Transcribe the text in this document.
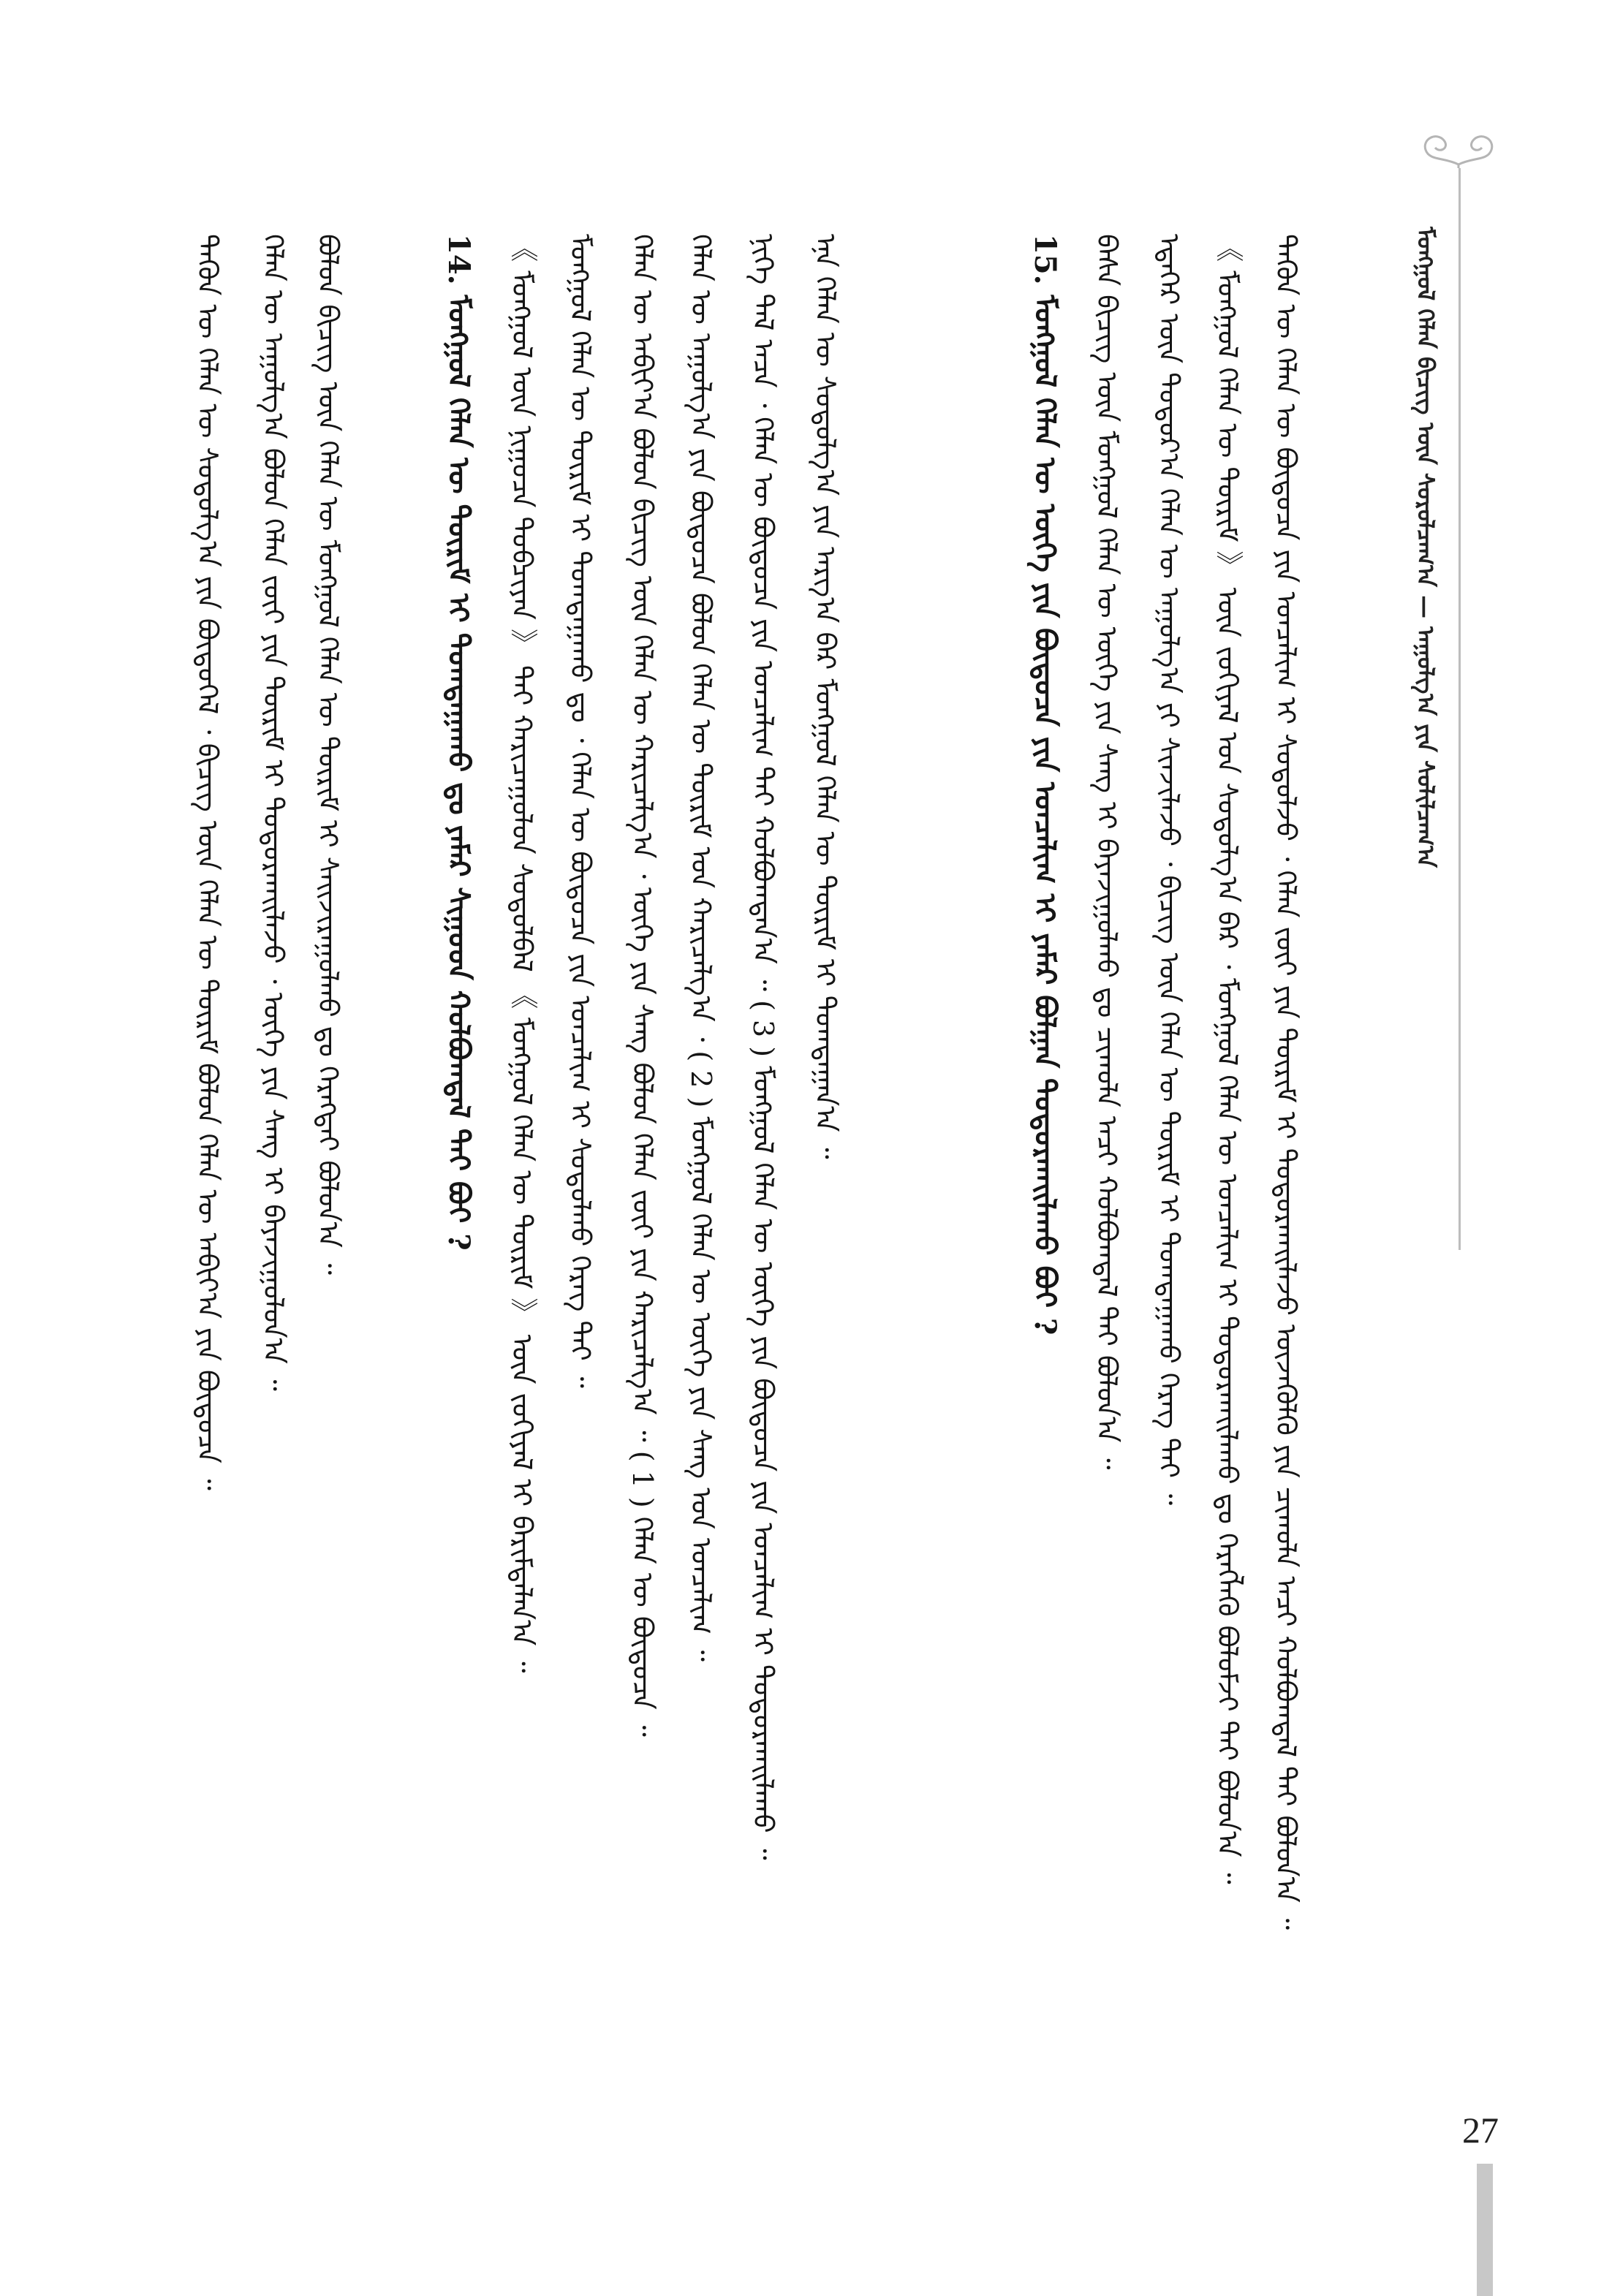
ᠮᠣᠩᠭᠣᠯ ᠬᠡᠯᠡᠨ ᠪᠢᠴᠢᠭ ᠦᠨ ᠰᠤᠷᠤᠯᠴᠠᠭ᠎ᠠ — ᠠᠭᠤᠯᠭ᠎ᠠ ᠶᠢᠨ ᠰᠣᠯᠢᠯᠴᠠᠭ᠎ᠠ
ᠲᠡᠭᠦᠨ ᠦ ᠬᠡᠯᠡᠨ ᠦ ᠰᠤᠳᠤᠯᠭ᠎ᠠ ᠶᠢᠨ ᠪᠦᠲᠦᠭᠡᠯ ᠂ ᠪᠢᠴᠢᠭ ᠦᠨ ᠬᠡᠯᠡᠨ ᠦ ᠳᠦᠷᠢᠮ ᠪᠣᠯᠤᠨ ᠬᠡᠯᠡᠨ ᠦ ᠠᠪᠢᠶ᠎ᠠ ᠶᠢᠨ ᠪᠦᠲᠦᠴᠡ ᠃ ᠬᠡᠯᠡᠨ ᠦ ᠠᠭᠤᠯᠭ᠎ᠠ ᠪᠣᠯᠤᠨ ᠬᠡᠯᠡᠨ ᠵᠦᠢ ᠶᠢᠨ ᠳᠦᠷᠢᠮ ᠢ ᠲᠣᠳᠤᠷᠬᠠᠢᠯᠠᠵᠤ ᠂ ᠦᠭᠡ ᠶᠢᠨ ᠰᠠᠩ ᠢ ᠪᠠᠶᠠᠵᠢᠭᠤᠯᠤᠨ᠎ᠠ ᠃ ᠪᠣᠯᠤᠨ ᠪᠢᠴᠢᠭ ᠦᠨ ᠬᠡᠯᠡᠨ ᠦ ᠮᠣᠩᠭᠣᠯ ᠬᠡᠯᠡᠨ ᠦ ᠳᠦᠷᠢᠮ ᠢ ᠰᠠᠢᠵᠢᠷᠠᠭᠤᠯᠬᠤ ᠳᠤ ᠬᠡᠷᠡᠭᠲᠡᠢ ᠪᠣᠯᠤᠨ᠎ᠠ ᠃	14. ᠮᠣᠩᠭᠣᠯ ᠬᠡᠯᠡᠨ ᠦ ᠳᠦᠷᠢᠮ ᠢ ᠲᠣᠭᠲᠠᠭᠠᠬᠤ ᠳᠤ ᠶᠠᠮᠠᠷ ᠰᠢᠭᠤᠳ ᠬᠣᠯᠪᠣᠭᠳᠠᠯ ᠲᠠᠢ ᠪᠤᠢ ? 《 ᠮᠣᠩᠭᠣᠯ ᠦᠨ ᠨᠢᠭᠤᠴᠠ ᠲᠣᠪᠴᠢᠶᠠᠨ 》 ᠲᠠᠢ ᠬᠠᠷᠢᠴᠠᠭᠤᠯᠤᠨ ᠰᠤᠳᠤᠯᠪᠠᠯ 《 ᠮᠣᠩᠭᠣᠯ ᠬᠡᠯᠡᠨ ᠦ ᠳᠦᠷᠢᠮ 》 ᠦᠨ ᠵᠣᠬᠢᠶᠠᠯ ᠢ ᠪᠠᠷᠢᠮᠲᠠᠯᠠᠨ᠎ᠠ ᠃ ᠮᠣᠩᠭᠣᠯ ᠬᠡᠯᠡᠨ ᠦ ᠳᠦᠷᠢᠮ ᠢ ᠲᠣᠭᠲᠠᠭᠠᠬᠤ ᠳᠤ ᠂ ᠬᠡᠯᠡᠨ ᠦ ᠪᠦᠲᠦᠴᠡ ᠶᠢᠨ ᠣᠨᠴᠠᠯᠢᠭ ᠢ ᠰᠤᠳᠤᠯᠬᠤ ᠬᠡᠷᠡᠭ ᠲᠠᠢ ᠃ ᠬᠡᠯᠡᠨ ᠦ ᠠᠪᠢᠶ᠎ᠠ ᠪᠣᠯᠤᠨ ᠪᠢᠴᠢᠭ ᠦᠨ ᠬᠡᠯᠡᠨ ᠦ ᠬᠠᠷᠢᠴᠠᠯᠭ᠎ᠠ ᠂ ᠦᠭᠡ ᠶᠢᠨ ᠰᠠᠩ ᠪᠣᠯᠤᠨ ᠬᠡᠯᠡᠨ ᠵᠦᠢ ᠶᠢᠨ ᠬᠠᠷᠢᠴᠠᠯᠭ᠎ᠠ ᠃ ( 1 ) ᠬᠡᠯᠡᠨ ᠦ ᠪᠦᠲᠦᠴᠡ ᠃ ᠬᠡᠯᠡᠨ ᠦ ᠠᠭᠤᠯᠭ᠎ᠠ ᠶᠢᠨ ᠪᠦᠲᠦᠴᠡ ᠪᠣᠯᠤᠨ ᠬᠡᠯᠡᠨ ᠦ ᠳᠦᠷᠢᠮ ᠤᠨ ᠬᠠᠷᠢᠴᠠᠯᠭ᠎ᠠ ᠂ ( 2 ) ᠮᠣᠩᠭᠣᠯ ᠬᠡᠯᠡᠨ ᠦ ᠦᠭᠡ ᠶᠢᠨ ᠰᠠᠩ ᠤᠨ ᠣᠨᠴᠠᠯᠢᠭ ᠃ ᠨᠢᠭᠡ ᠲᠠᠯ ᠠᠴᠠ ᠂ ᠬᠡᠯᠡᠨ ᠦ ᠪᠦᠲᠦᠴᠡ ᠶᠢᠨ ᠣᠨᠴᠠᠯᠢᠭ ᠲᠠᠢ ᠬᠣᠯᠪᠣᠭᠳᠠᠨ᠎ᠠ ᠃ ( 3 ) ᠮᠣᠩᠭᠣᠯ ᠬᠡᠯᠡᠨ ᠦ ᠦᠭᠡ ᠶᠢᠨ ᠪᠦᠲᠦᠴᠡ ᠶᠢᠨ ᠣᠨᠴᠠᠯᠢᠭ ᠢ ᠲᠣᠳᠤᠷᠬᠠᠢᠯᠠᠬᠤ ᠃ ᠡᠨᠡ ᠬᠡᠯᠡᠨ ᠦ ᠰᠤᠳᠤᠯᠭ᠎ᠠ ᠶᠢᠨ ᠠᠷᠭ᠎ᠠ ᠪᠠᠷ ᠮᠣᠩᠭᠣᠯ ᠬᠡᠯᠡᠨ ᠦ ᠳᠦᠷᠢᠮ ᠢ ᠲᠣᠭᠲᠠᠭᠠᠨ᠎ᠠ ᠃	15. ᠮᠣᠩᠭᠣᠯ ᠬᠡᠯᠡᠨ ᠦ ᠦᠭᠡ ᠶᠢᠨ ᠪᠦᠲᠦᠴᠡ ᠶᠢᠨ ᠣᠨᠴᠠᠯᠢᠭ ᠢ ᠶᠠᠮᠠᠷ ᠪᠣᠯᠭᠠᠨ ᠲᠣᠳᠤᠷᠬᠠᠢᠯᠠᠬᠤ ᠪᠤᠢ ? ᠪᠠᠰᠠ ᠪᠢᠴᠢᠭ ᠦᠨ ᠮᠣᠩᠭᠣᠯ ᠬᠡᠯᠡᠨ ᠦ ᠦᠭᠡ ᠶᠢᠨ ᠰᠠᠩ ᠢ ᠪᠠᠶᠠᠵᠢᠭᠤᠯᠬᠤ ᠳᠤ ᠴᠢᠬᠤᠯᠠ ᠠᠴᠢ ᠬᠣᠯᠪᠣᠭᠳᠠᠯ ᠲᠠᠢ ᠪᠣᠯᠤᠨ᠎ᠠ ᠃ ᠡᠳᠡᠭᠡᠷ ᠦᠨ ᠳᠣᠲᠣᠷ᠎ᠠ ᠬᠡᠯᠡᠨ ᠦ ᠠᠭᠤᠯᠭ᠎ᠠ ᠶᠢ ᠰᠢᠨᠵᠢᠯᠡᠵᠦ ᠂ ᠪᠢᠴᠢᠭ ᠦᠨ ᠬᠡᠯᠡᠨ ᠦ ᠳᠦᠷᠢᠮ ᠢ ᠲᠣᠭᠲᠠᠭᠠᠬᠤ ᠬᠡᠷᠡᠭ ᠲᠠᠢ ᠃ 《 ᠮᠣᠩᠭᠣᠯ ᠬᠡᠯᠡᠨ ᠦ ᠳᠦᠷᠢᠮ 》 ᠦᠨ ᠵᠣᠬᠢᠶᠠᠯ ᠤᠨ ᠰᠤᠳᠤᠯᠭ᠎ᠠ ᠪᠠᠷ ᠂ ᠮᠣᠩᠭᠣᠯ ᠬᠡᠯᠡᠨ ᠦ ᠣᠨᠴᠠᠯᠢᠭ ᠢ ᠲᠣᠳᠤᠷᠬᠠᠢᠯᠠᠬᠤ ᠳᠤ ᠬᠡᠷᠡᠭᠯᠡᠬᠦ ᠪᠣᠯᠤᠮᠵᠢ ᠲᠠᠢ ᠪᠣᠯᠤᠨ᠎ᠠ ᠃ ᠲᠡᠭᠦᠨ ᠦ ᠬᠡᠯᠡᠨ ᠦ ᠪᠦᠲᠦᠴᠡ ᠶᠢᠨ ᠣᠨᠴᠠᠯᠢᠭ ᠢ ᠰᠤᠳᠤᠯᠵᠤ ᠂ ᠬᠡᠯᠡᠨ ᠵᠦᠢ ᠶᠢᠨ ᠳᠦᠷᠢᠮ ᠢ ᠲᠣᠳᠤᠷᠬᠠᠢᠯᠠᠵᠤ ᠦᠵᠡᠭᠦᠯᠬᠦ ᠶᠢᠨ ᠴᠢᠬᠤᠯᠠ ᠠᠴᠢ ᠬᠣᠯᠪᠣᠭᠳᠠᠯ ᠲᠠᠢ ᠪᠣᠯᠤᠨ᠎ᠠ ᠃
27
